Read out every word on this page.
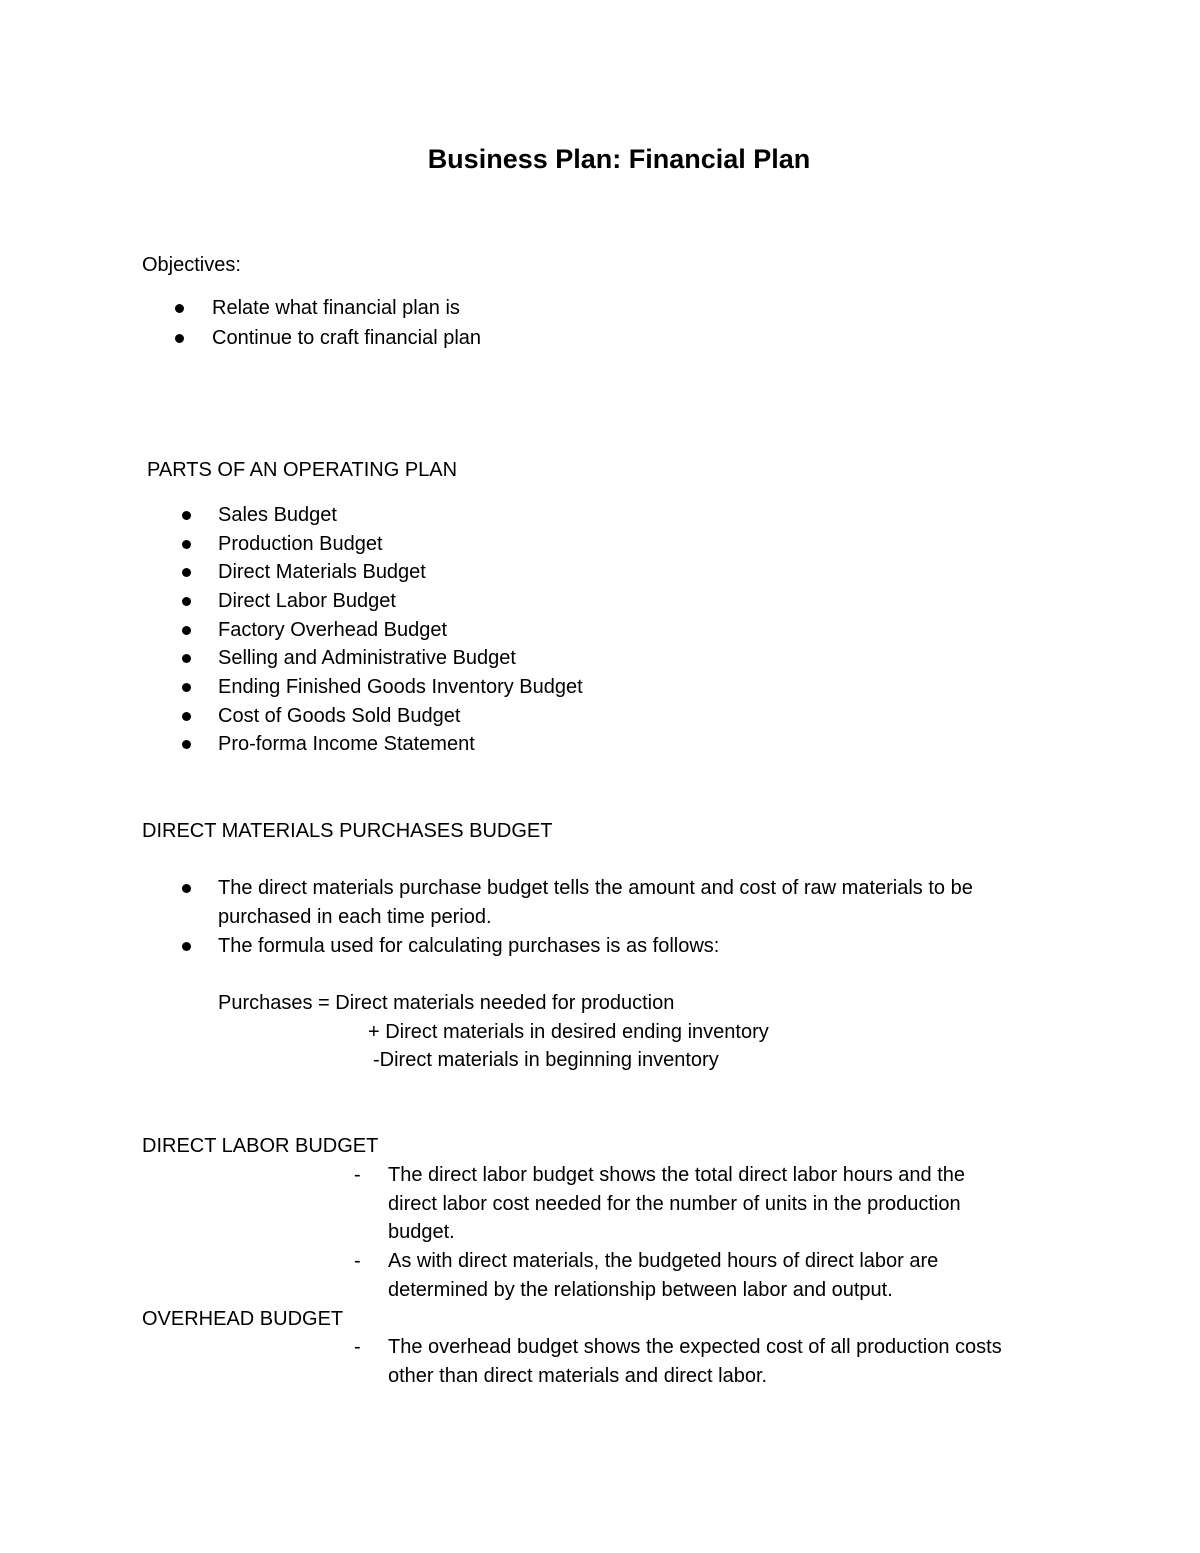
Business Plan: Financial Plan
Objectives:
Relate what financial plan is
Continue to craft financial plan
PARTS OF AN OPERATING PLAN
Sales Budget
Production Budget
Direct Materials Budget
Direct Labor Budget
Factory Overhead Budget
Selling and Administrative Budget
Ending Finished Goods Inventory Budget
Cost of Goods Sold Budget
Pro-forma Income Statement
DIRECT MATERIALS PURCHASES BUDGET
The direct materials purchase budget tells the amount and cost of raw materials to be
purchased in each time period.
The formula used for calculating purchases is as follows:
Purchases = Direct materials needed for production
+ Direct materials in desired ending inventory
-Direct materials in beginning inventory
DIRECT LABOR BUDGET
- The direct labor budget shows the total direct labor hours and the
direct labor cost needed for the number of units in the production
budget.
- As with direct materials, the budgeted hours of direct labor are
determined by the relationship between labor and output.
OVERHEAD BUDGET
- The overhead budget shows the expected cost of all production costs
other than direct materials and direct labor.
